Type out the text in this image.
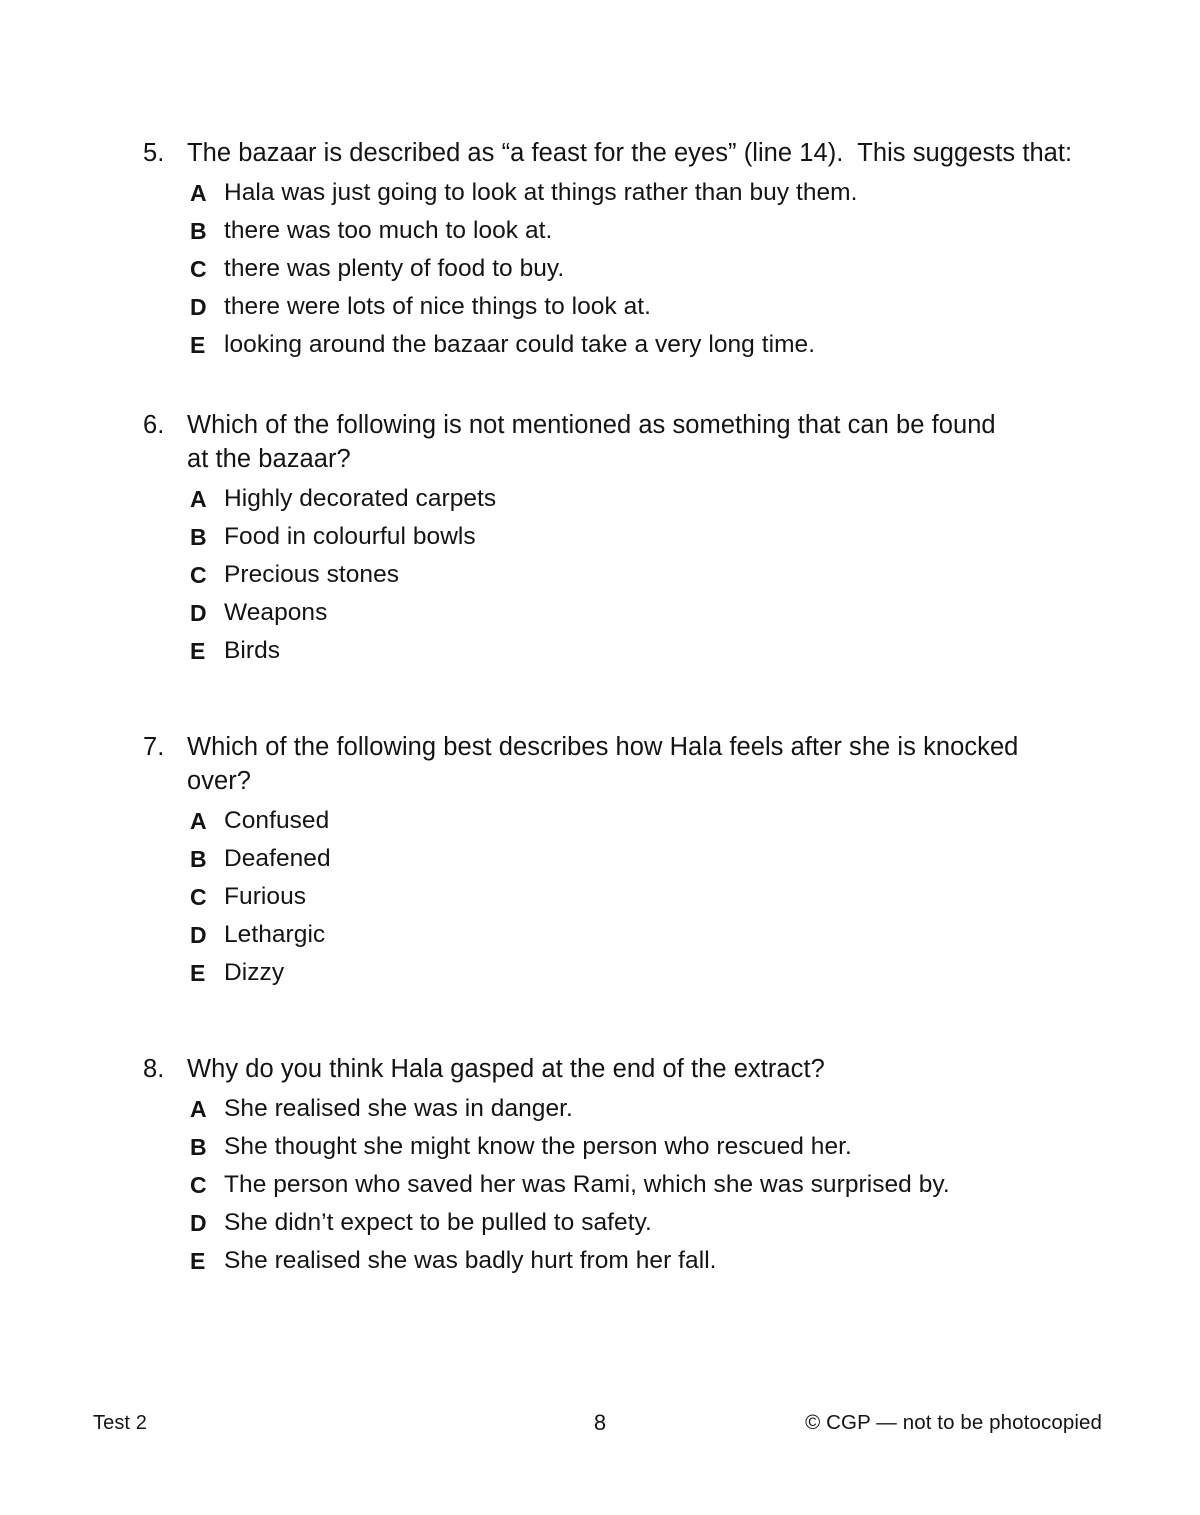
5. The bazaar is described as “a feast for the eyes” (line 14).  This suggests that:
A Hala was just going to look at things rather than buy them.
B there was too much to look at.
C there was plenty of food to buy.
D there were lots of nice things to look at.
E looking around the bazaar could take a very long time.
6. Which of the following is not mentioned as something that can be found
at the bazaar?
A Highly decorated carpets
B Food in colourful bowls
C Precious stones
D Weapons
E Birds
7. Which of the following best describes how Hala feels after she is knocked over?
A Confused
B Deafened
C Furious
D Lethargic
E Dizzy
8. Why do you think Hala gasped at the end of the extract?
A She realised she was in danger.
B She thought she might know the person who rescued her.
C The person who saved her was Rami, which she was surprised by.
D She didn’t expect to be pulled to safety.
E She realised she was badly hurt from her fall.
Test 2	8	© CGP — not to be photocopied
